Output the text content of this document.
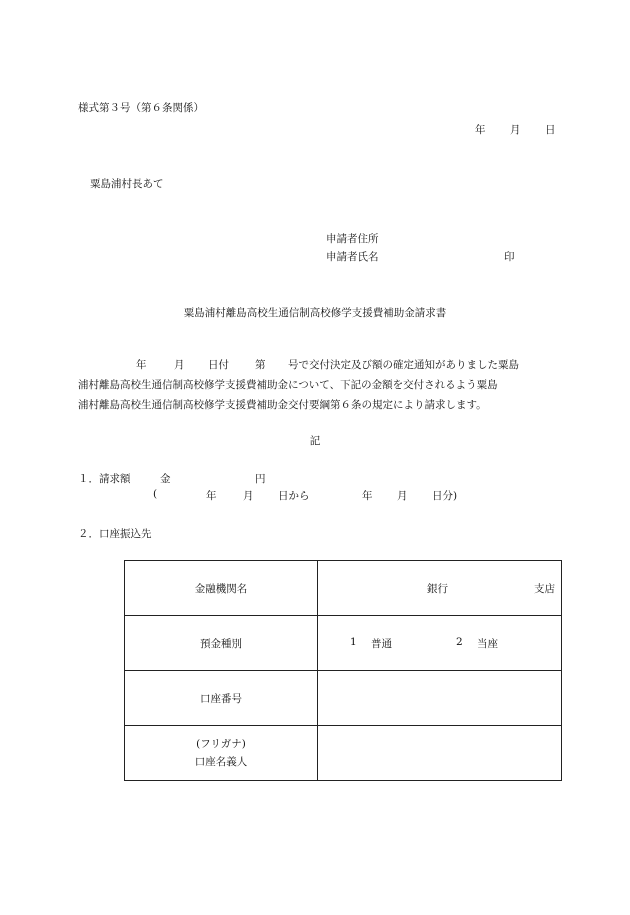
様式第３号（第６条関係）
年 月 日
粟島浦村長あて
申請者住所
申請者氏名	印
粟島浦村離島高校生通信制高校修学支援費補助金請求書
年	月 日付 第 号で交付決定及び額の確定通知がありました粟島
浦村離島高校生通信制高校修学支援費補助金について、下記の金額を交付されるよう粟島
浦村離島高校生通信制高校修学支援費補助金交付要綱第６条の規定により請求します。
記
１．請求額	金	円
(	年	月 日から	年 月 日分)
２．口座振込先
金融機関名	銀行 支店

預金種別	1 普通 2 当座

口座番号	

(フリガナ)
口座名義人	
